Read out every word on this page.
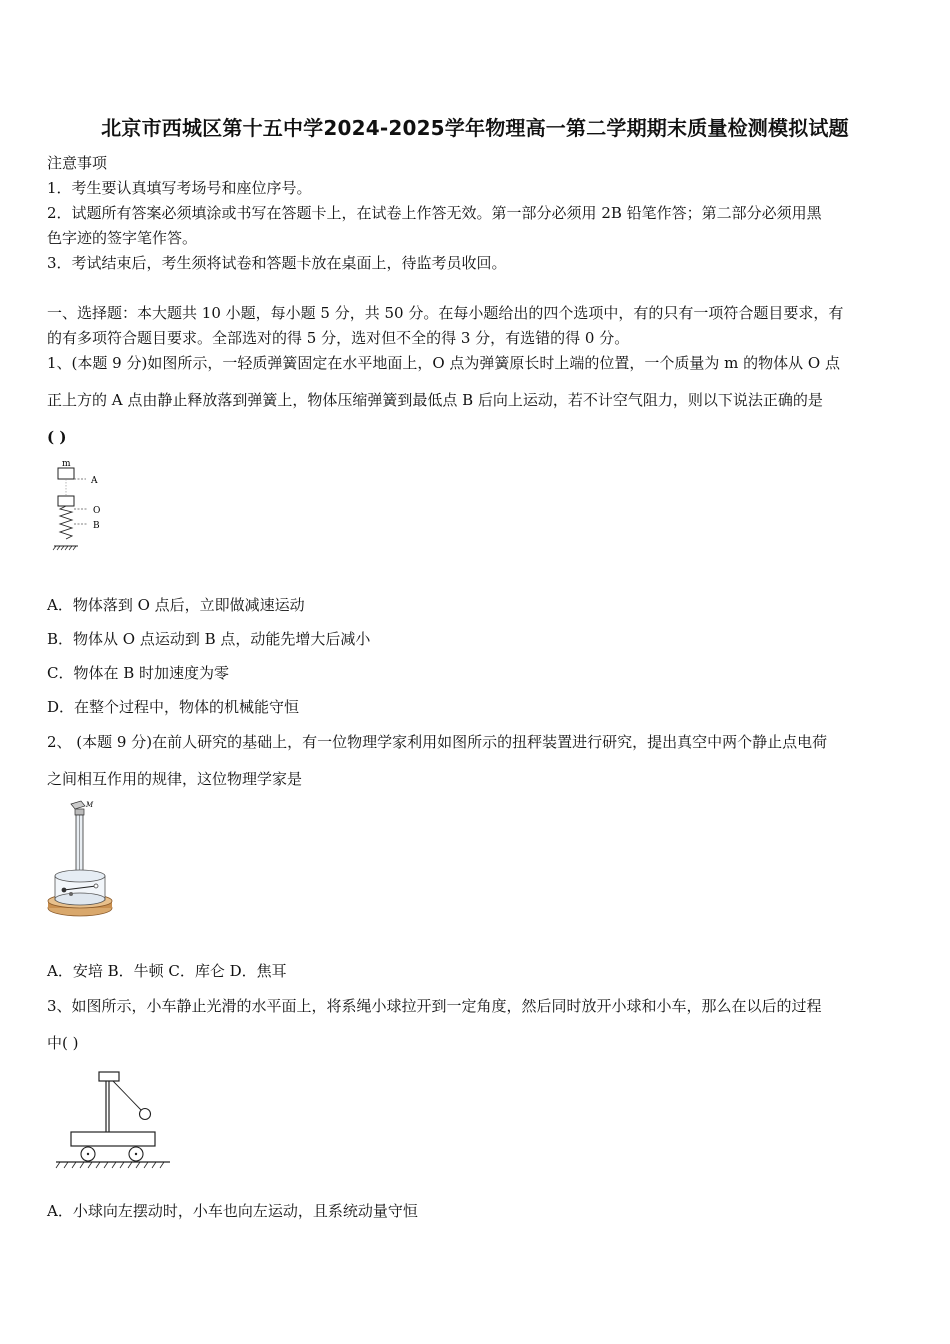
北京市西城区第十五中学2024-2025学年物理高一第二学期期末质量检测模拟试题
注意事项
1．考生要认真填写考场号和座位序号。
2．试题所有答案必须填涂或书写在答题卡上，在试卷上作答无效。第一部分必须用 2B 铅笔作答；第二部分必须用黑
色字迹的签字笔作答。
3．考试结束后，考生须将试卷和答题卡放在桌面上，待监考员收回。
一、选择题：本大题共 10 小题，每小题 5 分，共 50 分。在每小题给出的四个选项中，有的只有一项符合题目要求，有
的有多项符合题目要求。全部选对的得 5 分，选对但不全的得 3 分，有选错的得 0 分。
1、(本题 9 分)如图所示，一轻质弹簧固定在水平地面上，O 点为弹簧原长时上端的位置，一个质量为 m 的物体从 O 点
正上方的 A 点由静止释放落到弹簧上，物体压缩弹簧到最低点 B 后向上运动，若不计空气阻力，则以下说法正确的是
( )
m
A
O
B
A．物体落到 O 点后，立即做减速运动
B．物体从 O 点运动到 B 点，动能先增大后减小
C．物体在 B 时加速度为零
D．在整个过程中，物体的机械能守恒
2、 (本题 9 分)在前人研究的基础上，有一位物理学家利用如图所示的扭秤装置进行研究，提出真空中两个静止点电荷
之间相互作用的规律，这位物理学家是
M
A．安培 B．牛顿 C．库仑 D．焦耳
3、如图所示，小车静止光滑的水平面上，将系绳小球拉开到一定角度，然后同时放开小球和小车，那么在以后的过程
中( )
A．小球向左摆动时，小车也向左运动，且系统动量守恒
